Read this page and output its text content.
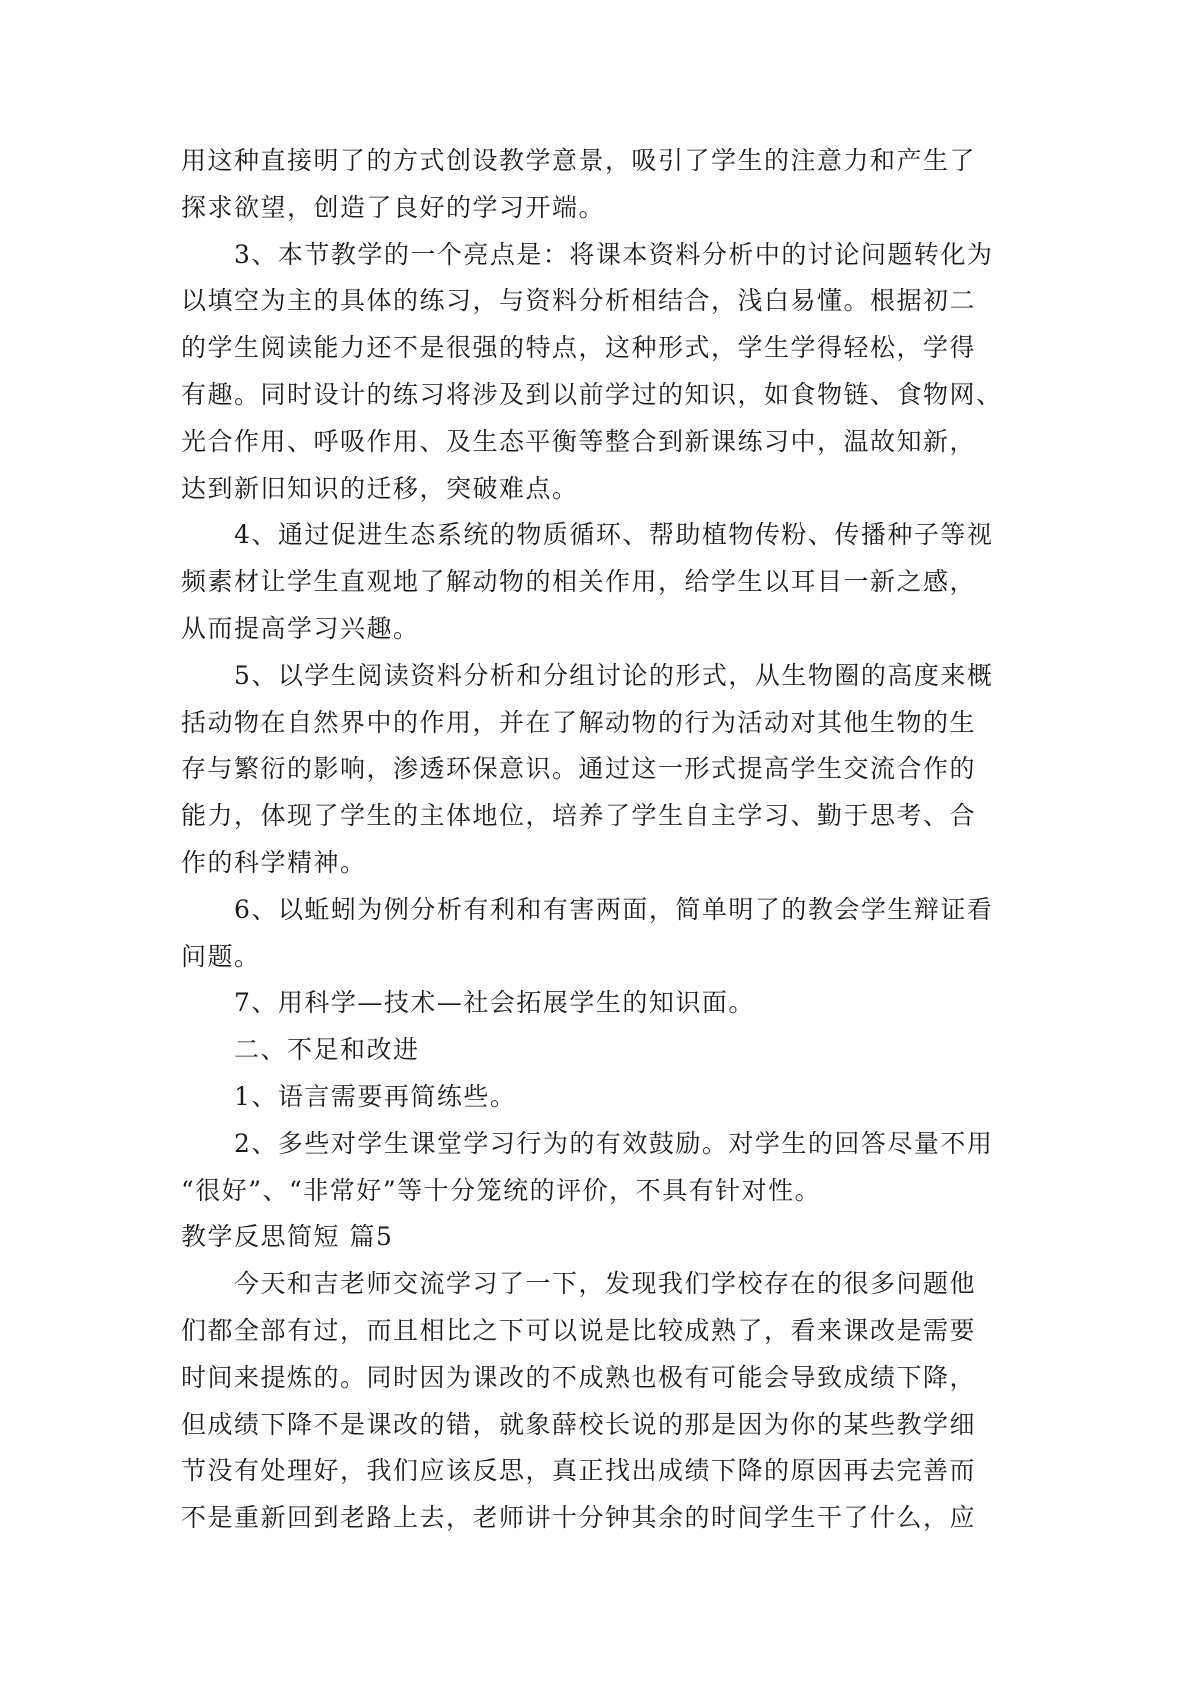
用这种直接明了的方式创设教学意景，吸引了学生的注意力和产生了
探求欲望，创造了良好的学习开端。
3、本节教学的一个亮点是：将课本资料分析中的讨论问题转化为
以填空为主的具体的练习，与资料分析相结合，浅白易懂。根据初二
的学生阅读能力还不是很强的特点，这种形式，学生学得轻松，学得
有趣。同时设计的练习将涉及到以前学过的知识，如食物链、食物网、
光合作用、呼吸作用、及生态平衡等整合到新课练习中，温故知新，
达到新旧知识的迁移，突破难点。
4、通过促进生态系统的物质循环、帮助植物传粉、传播种子等视
频素材让学生直观地了解动物的相关作用，给学生以耳目一新之感，
从而提高学习兴趣。
5、以学生阅读资料分析和分组讨论的形式，从生物圈的高度来概
括动物在自然界中的作用，并在了解动物的行为活动对其他生物的生
存与繁衍的影响，渗透环保意识。通过这一形式提高学生交流合作的
能力，体现了学生的主体地位，培养了学生自主学习、勤于思考、合
作的科学精神。
6、以蚯蚓为例分析有利和有害两面，简单明了的教会学生辩证看
问题。
7、用科学—技术—社会拓展学生的知识面。
二、不足和改进
1、语言需要再简练些。
2、多些对学生课堂学习行为的有效鼓励。对学生的回答尽量不用
“很好”、“非常好”等十分笼统的评价，不具有针对性。
教学反思简短 篇5
今天和吉老师交流学习了一下，发现我们学校存在的很多问题他
们都全部有过，而且相比之下可以说是比较成熟了，看来课改是需要
时间来提炼的。同时因为课改的不成熟也极有可能会导致成绩下降，
但成绩下降不是课改的错，就象薛校长说的那是因为你的某些教学细
节没有处理好，我们应该反思，真正找出成绩下降的原因再去完善而
不是重新回到老路上去，老师讲十分钟其余的时间学生干了什么，应
